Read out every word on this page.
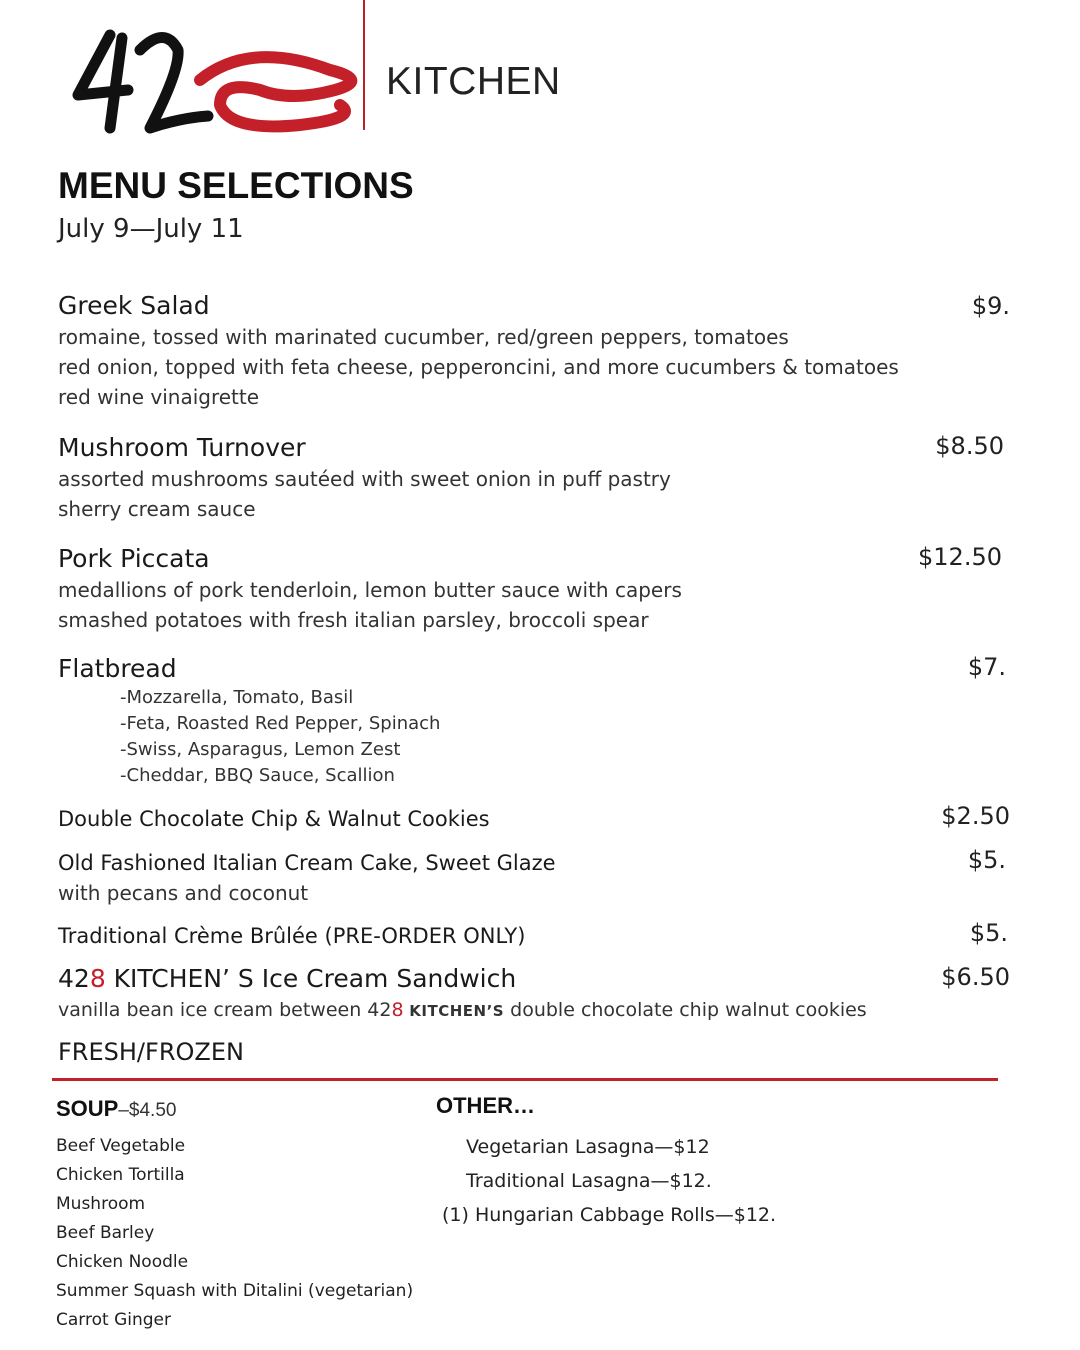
KITCHEN
MENU SELECTIONS
July 9—July 11
Greek Salad	$9.
romaine, tossed with marinated cucumber, red/green peppers, tomatoes
red onion, topped with feta cheese, pepperoncini, and more cucumbers & tomatoes
red wine vinaigrette
Mushroom Turnover	$8.50
assorted mushrooms sautéed with sweet onion in puff pastry
sherry cream sauce
Pork Piccata	$12.50
medallions of pork tenderloin, lemon butter sauce with capers
smashed potatoes with fresh italian parsley, broccoli spear
Flatbread	$7.
-Mozzarella, Tomato, Basil
-Feta, Roasted Red Pepper, Spinach
-Swiss, Asparagus, Lemon Zest
-Cheddar, BBQ Sauce, Scallion
Double Chocolate Chip & Walnut Cookies	$2.50
Old Fashioned Italian Cream Cake, Sweet Glaze	$5.
with pecans and coconut
Traditional Crème Brûlée (PRE-ORDER ONLY)	$5.
428 KITCHEN’ S Ice Cream Sandwich	$6.50
vanilla bean ice cream between 428 KITCHEN’S double chocolate chip walnut cookies
FRESH/FROZEN
SOUP–$4.50
Beef Vegetable
Chicken Tortilla
Mushroom
Beef Barley
Chicken Noodle
Summer Squash with Ditalini (vegetarian)
Carrot Ginger
OTHER…
Vegetarian Lasagna—$12
Traditional Lasagna—$12.
(1) Hungarian Cabbage Rolls—$12.
